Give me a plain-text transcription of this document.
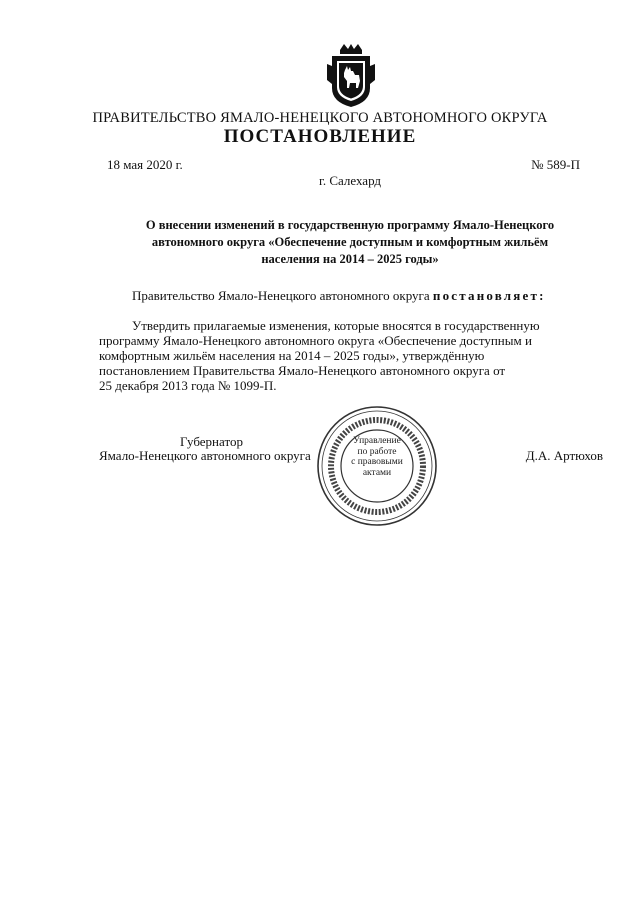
ПРАВИТЕЛЬСТВО ЯМАЛО-НЕНЕЦКОГО АВТОНОМНОГО ОКРУГА
ПОСТАНОВЛЕНИЕ
18 мая 2020 г.	№ 589-П
г. Салехард
О внесении изменений в государственную программу Ямало-Ненецкого
автономного округа «Обеспечение доступным и комфортным жильём
населения на 2014 – 2025 годы»
Правительство Ямало-Ненецкого автономного округа постановляет:
Утвердить прилагаемые изменения, которые вносятся в государственную
программу Ямало-Ненецкого автономного округа «Обеспечение доступным и
комфортным жильём населения на 2014 – 2025 годы», утверждённую
постановлением Правительства Ямало-Ненецкого автономного округа от
25 декабря 2013 года № 1099-П.
Губернатор
Ямало-Ненецкого автономного округа	Д.А. Артюхов
Управление
по работе
с правовыми
актами
